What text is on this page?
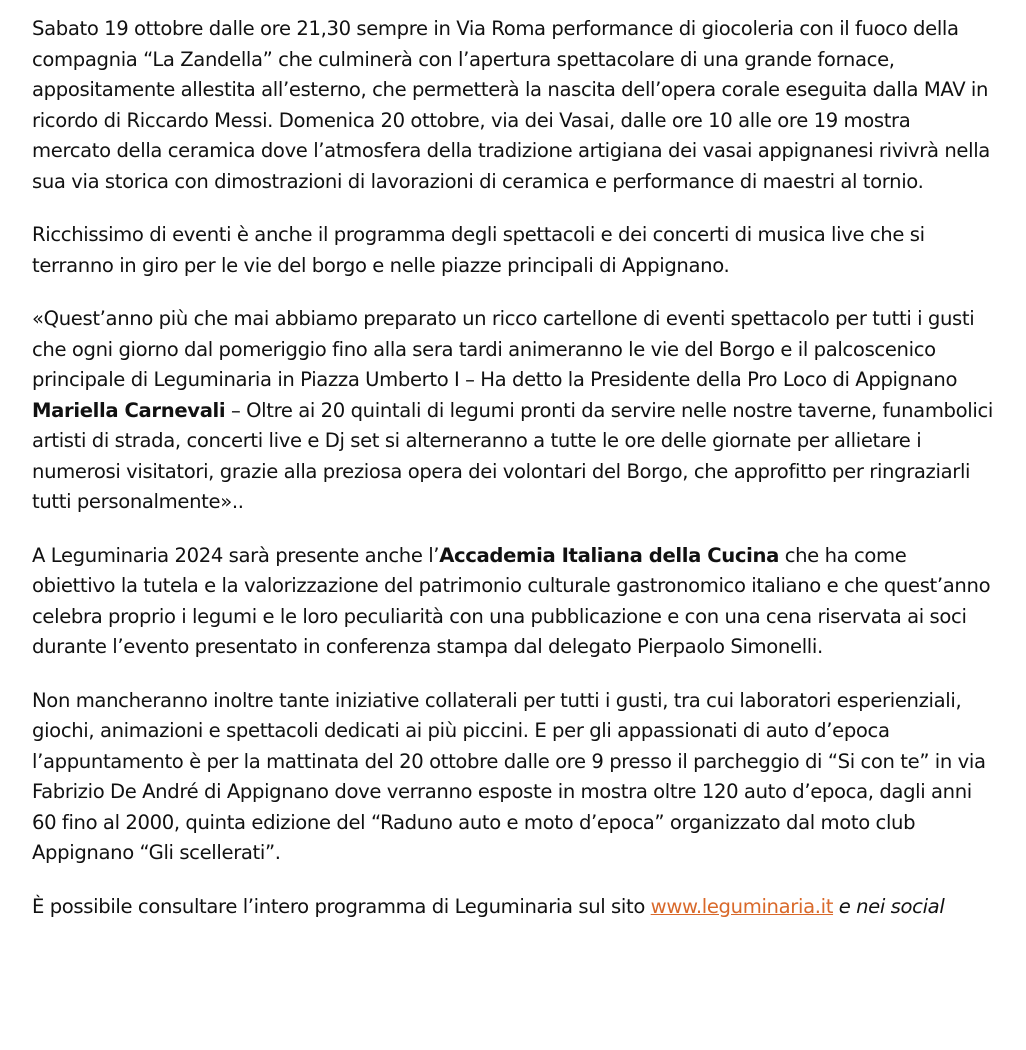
Sabato 19 ottobre dalle ore 21,30 sempre in Via Roma performance di giocoleria con il fuoco della compagnia “La Zandella” che culminerà con l’apertura spettacolare di una grande fornace, appositamente allestita all’esterno, che permetterà la nascita dell’opera corale eseguita dalla MAV in ricordo di Riccardo Messi. Domenica 20 ottobre, via dei Vasai, dalle ore 10 alle ore 19 mostra mercato della ceramica dove l’atmosfera della tradizione artigiana dei vasai appignanesi rivivrà nella sua via storica con dimostrazioni di lavorazioni di ceramica e performance di maestri al tornio.

Ricchissimo di eventi è anche il programma degli spettacoli e dei concerti di musica live che si terranno in giro per le vie del borgo e nelle piazze principali di Appignano.

«Quest’anno più che mai abbiamo preparato un ricco cartellone di eventi spettacolo per tutti i gusti che ogni giorno dal pomeriggio fino alla sera tardi animeranno le vie del Borgo e il palcoscenico principale di Leguminaria in Piazza Umberto I – Ha detto la Presidente della Pro Loco di Appignano Mariella Carnevali – Oltre ai 20 quintali di legumi pronti da servire nelle nostre taverne, funambolici artisti di strada, concerti live e Dj set si alterneranno a tutte le ore delle giornate per allietare i numerosi visitatori, grazie alla preziosa opera dei volontari del Borgo, che approfitto per ringraziarli tutti personalmente»..

A Leguminaria 2024 sarà presente anche l’Accademia Italiana della Cucina che ha come obiettivo la tutela e la valorizzazione del patrimonio culturale gastronomico italiano e che quest’anno celebra proprio i legumi e le loro peculiarità con una pubblicazione e con una cena riservata ai soci durante l’evento presentato in conferenza stampa dal delegato Pierpaolo Simonelli.

Non mancheranno inoltre tante iniziative collaterali per tutti i gusti, tra cui laboratori esperienziali, giochi, animazioni e spettacoli dedicati ai più piccini. E per gli appassionati di auto d’epoca l’appuntamento è per la mattinata del 20 ottobre dalle ore 9 presso il parcheggio di “Si con te” in via Fabrizio De André di Appignano dove verranno esposte in mostra oltre 120 auto d’epoca, dagli anni 60 fino al 2000, quinta edizione del “Raduno auto e moto d’epoca” organizzato dal moto club Appignano “Gli scellerati”.

È possibile consultare l’intero programma di Leguminaria sul sito www.leguminaria.it e nei social
